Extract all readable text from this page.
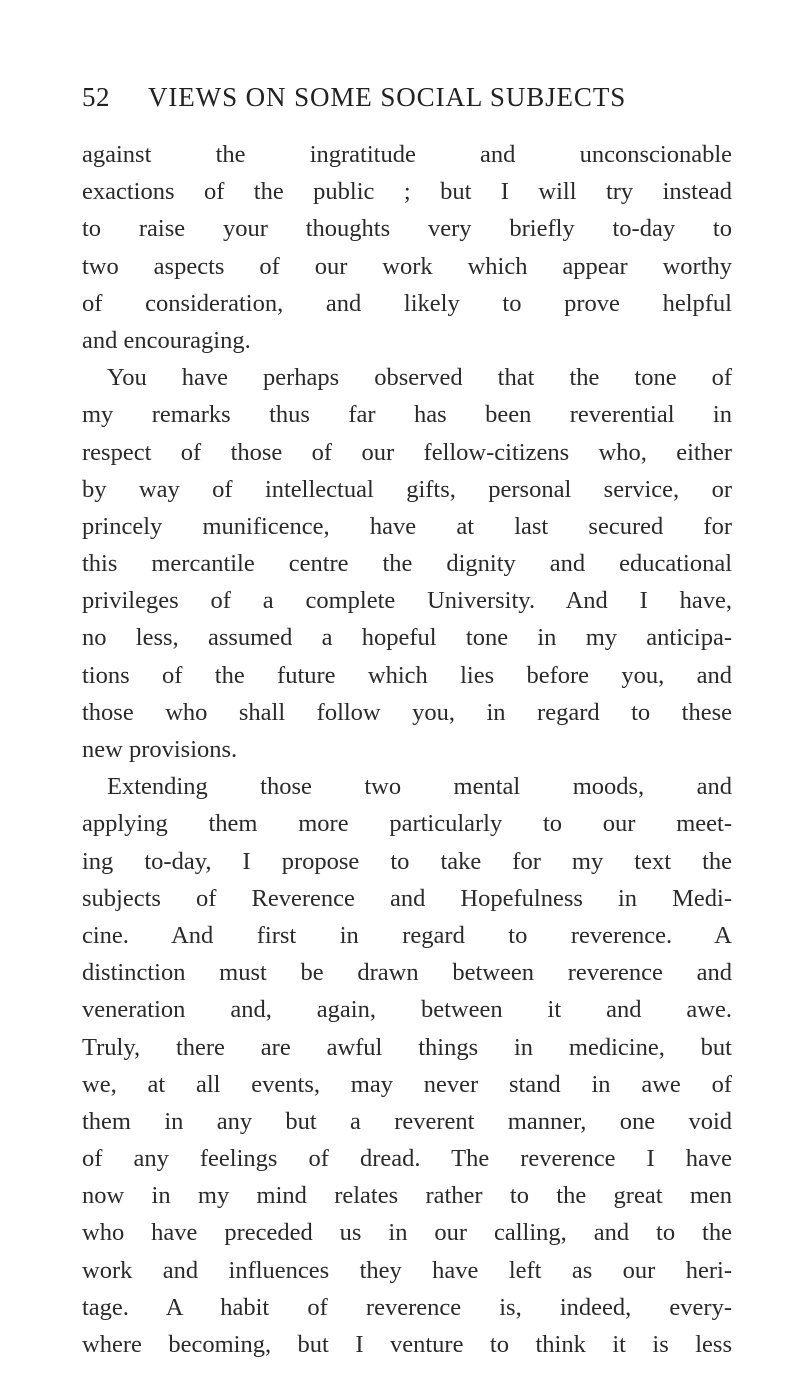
52	VIEWS ON SOME SOCIAL SUBJECTS
against the ingratitude and unconscionable
exactions of the public ; but I will try instead
to raise your thoughts very briefly to-day to
two aspects of our work which appear worthy
of consideration, and likely to prove helpful
and encouraging.
You have perhaps observed that the tone of
my remarks thus far has been reverential in
respect of those of our fellow-citizens who, either
by way of intellectual gifts, personal service, or
princely munificence, have at last secured for
this mercantile centre the dignity and educational
privileges of a complete University. And I have,
no less, assumed a hopeful tone in my anticipa-
tions of the future which lies before you, and
those who shall follow you, in regard to these
new provisions.
Extending those two mental moods, and
applying them more particularly to our meet-
ing to-day, I propose to take for my text the
subjects of Reverence and Hopefulness in Medi-
cine. And first in regard to reverence. A
distinction must be drawn between reverence and
veneration and, again, between it and awe.
Truly, there are awful things in medicine, but
we, at all events, may never stand in awe of
them in any but a reverent manner, one void
of any feelings of dread. The reverence I have
now in my mind relates rather to the great men
who have preceded us in our calling, and to the
work and influences they have left as our heri-
tage. A habit of reverence is, indeed, every-
where becoming, but I venture to think it is less
